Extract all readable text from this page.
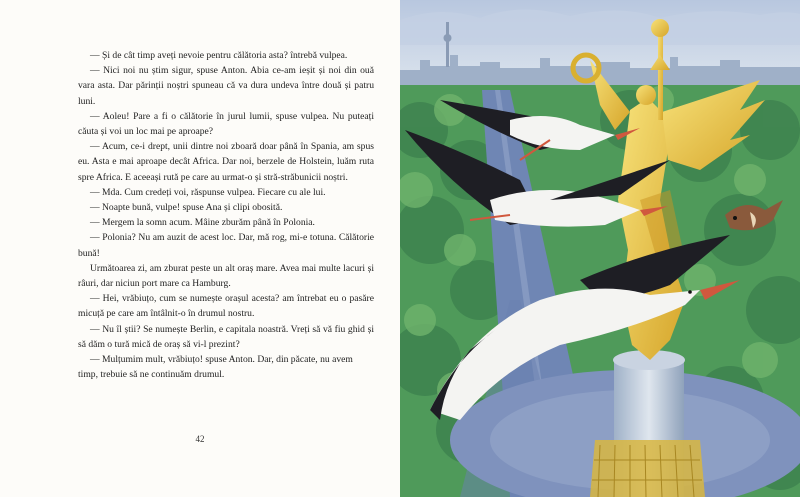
— Și de cât timp aveți nevoie pentru călătoria asta? întrebă vulpea.

— Nici noi nu știm sigur, spuse Anton. Abia ce-am ieșit și noi din ouă vara asta. Dar părinții noștri spuneau că va dura undeva între două și patru luni.

— Aoleu! Pare a fi o călătorie în jurul lumii, spuse vulpea. Nu puteați căuta și voi un loc mai pe aproape?

— Acum, ce-i drept, unii dintre noi zboară doar până în Spania, am spus eu. Asta e mai aproape decât Africa. Dar noi, berzele de Holstein, luăm ruta spre Africa. E aceeași rută pe care au urmat-o și stră-străbunicii noștri.

— Mda. Cum credeți voi, răspunse vulpea. Fiecare cu ale lui.

— Noapte bună, vulpe! spuse Ana și clipi obosită.

— Mergem la somn acum. Mâine zburăm până în Polonia.

— Polonia? Nu am auzit de acest loc. Dar, mă rog, mi-e totuna. Călătorie bună!

Următoarea zi, am zburat peste un alt oraș mare. Avea mai multe lacuri și râuri, dar niciun port mare ca Hamburg.

— Hei, vrăbiuțo, cum se numește orașul acesta? am întrebat eu o pasăre micuță pe care am întâlnit-o în drumul nostru.

— Nu îl știi? Se numește Berlin, e capitala noastră. Vreți să vă fiu ghid și să dăm o tură mică de oraș să vi-l prezint?

— Mulțumim mult, vrăbiuțo! spuse Anton. Dar, din păcate, nu avem timp, trebuie să ne continuăm drumul.

42
